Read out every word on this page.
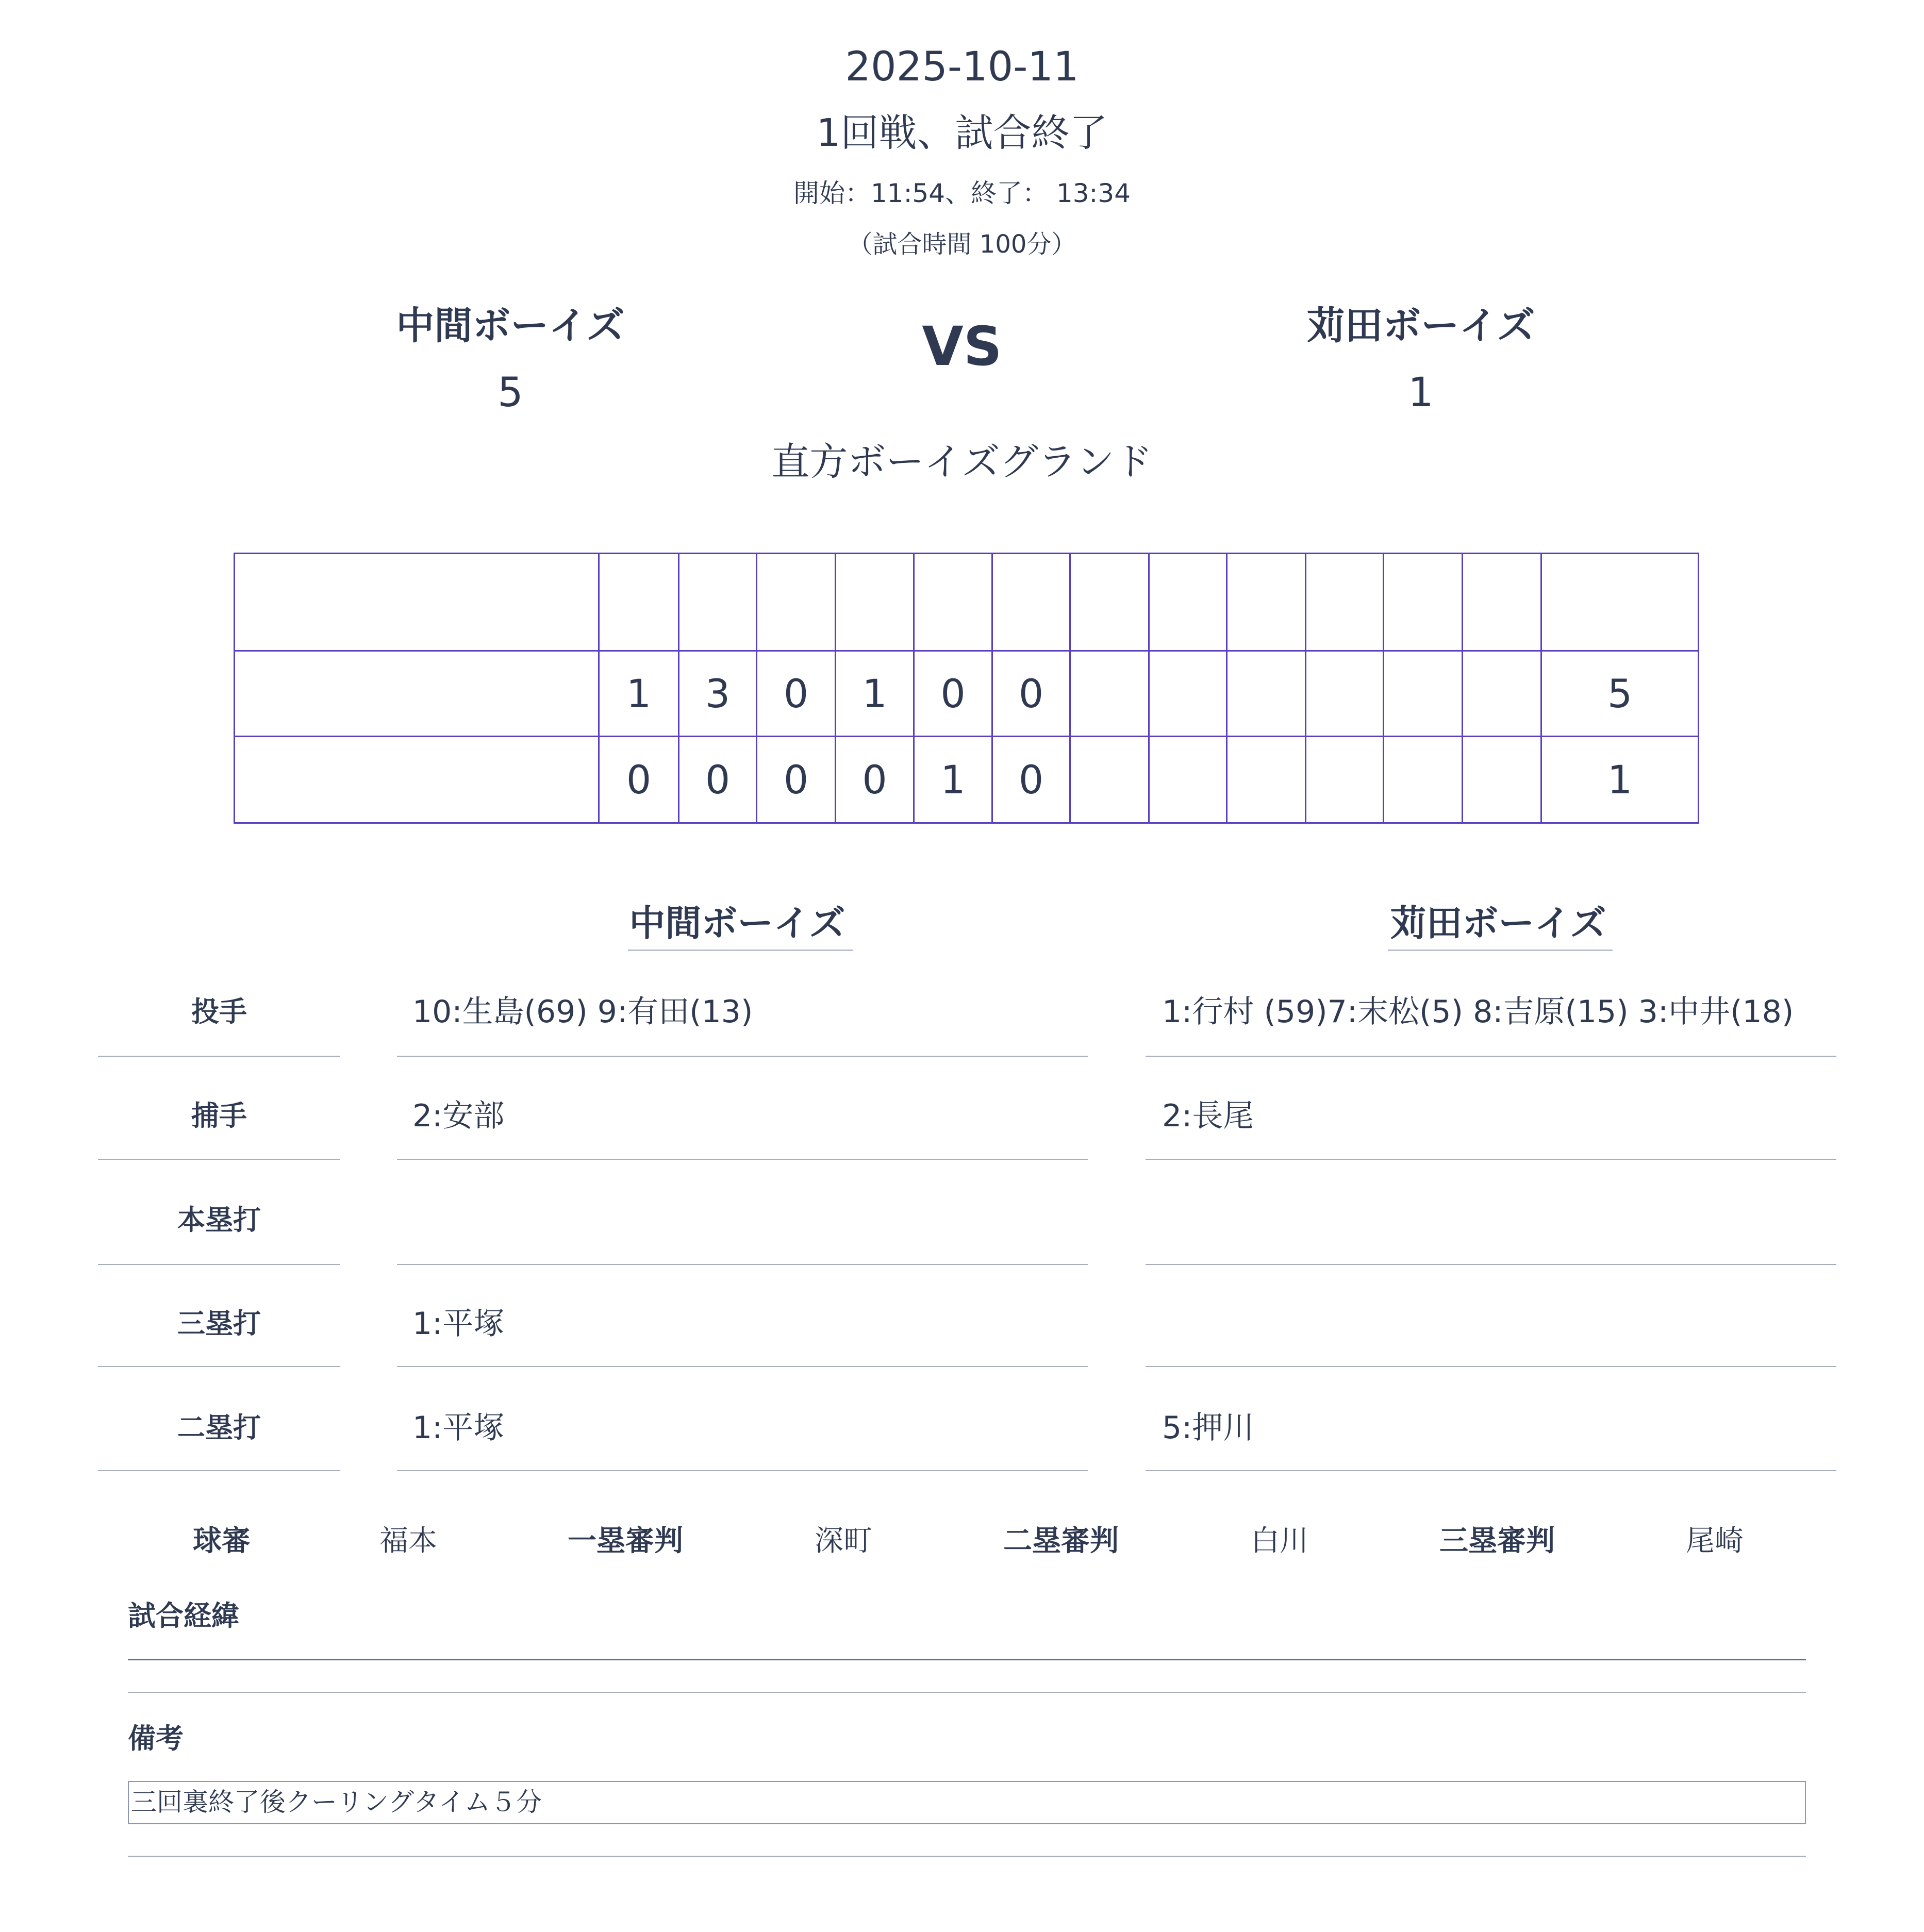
2025-10-11
1回戦、試合終了
開始：11:54、終了： 13:34
（試合時間 100分）
中間ボーイズ
5
VS	苅田ボーイズ
1
直方ボーイズグランド
1	3	0	1	0	0	5
0	0	0	0	1	0	1
中間ボーイズ	苅田ボーイズ
投手	10:生島(69) 9:有田(13)	1:行村 (59)7:末松(5) 8:吉原(15) 3:中井(18)
捕手	2:安部	2:長尾
本塁打
三塁打	1:平塚
二塁打	1:平塚	5:押川
球審	福本	一塁審判	深町	二塁審判	白川	三塁審判	尾崎
試合経緯
備考
三回裏終了後クーリングタイム５分
